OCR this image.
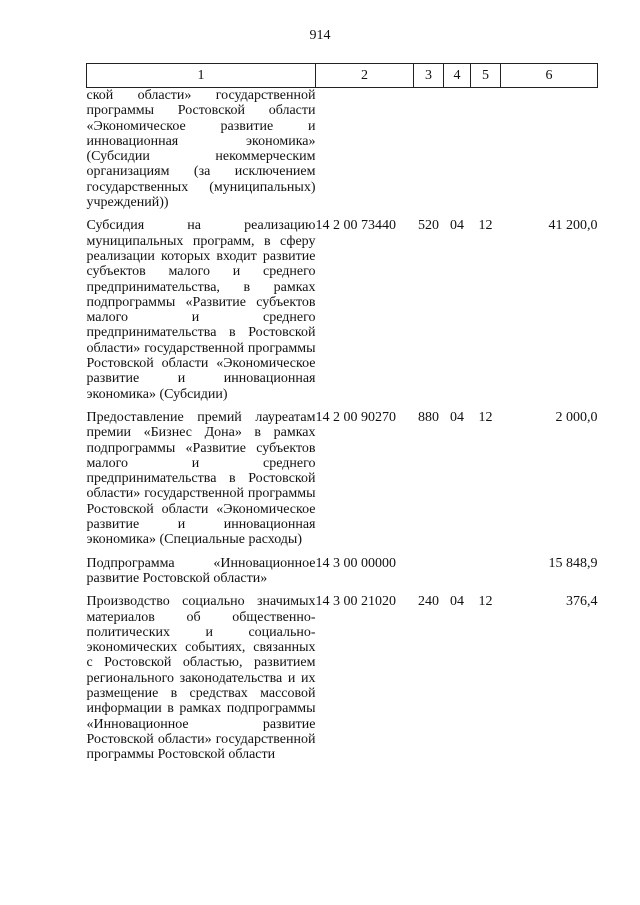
914
1	2	3	4	5	6
ской области» государственной программы Ростовской области «Экономическое развитие и инновационная экономика» (Субсидии некоммерческим организациям (за исключением государственных (муниципальных) учреждений))					
Субсидия на реализацию муниципальных программ, в сферу реализации которых входит развитие субъектов малого и среднего предпринимательства, в рамках подпрограммы «Развитие субъектов малого и среднего предпринимательства в Ростовской области» государственной программы Ростовской области «Экономическое развитие и инновационная экономика» (Субсидии)	14 2 00 73440	520	04	12	41 200,0
Предоставление премий лауреатам премии «Бизнес Дона» в рамках подпрограммы «Развитие субъектов малого и среднего предпринимательства в Ростовской области» государственной программы Ростовской области «Экономическое развитие и инновационная экономика» (Специальные расходы)	14 2 00 90270	880	04	12	2 000,0
Подпрограмма «Инновационное развитие Ростовской области»	14 3 00 00000				15 848,9
Производство социально значимых материалов об общественно-политических и социально-экономических событиях, связанных с Ростовской областью, развитием регионального законодательства и их размещение в средствах массовой информации в рамках подпрограммы «Инновационное развитие Ростовской области» государственной программы Ростовской области	14 3 00 21020	240	04	12	376,4
